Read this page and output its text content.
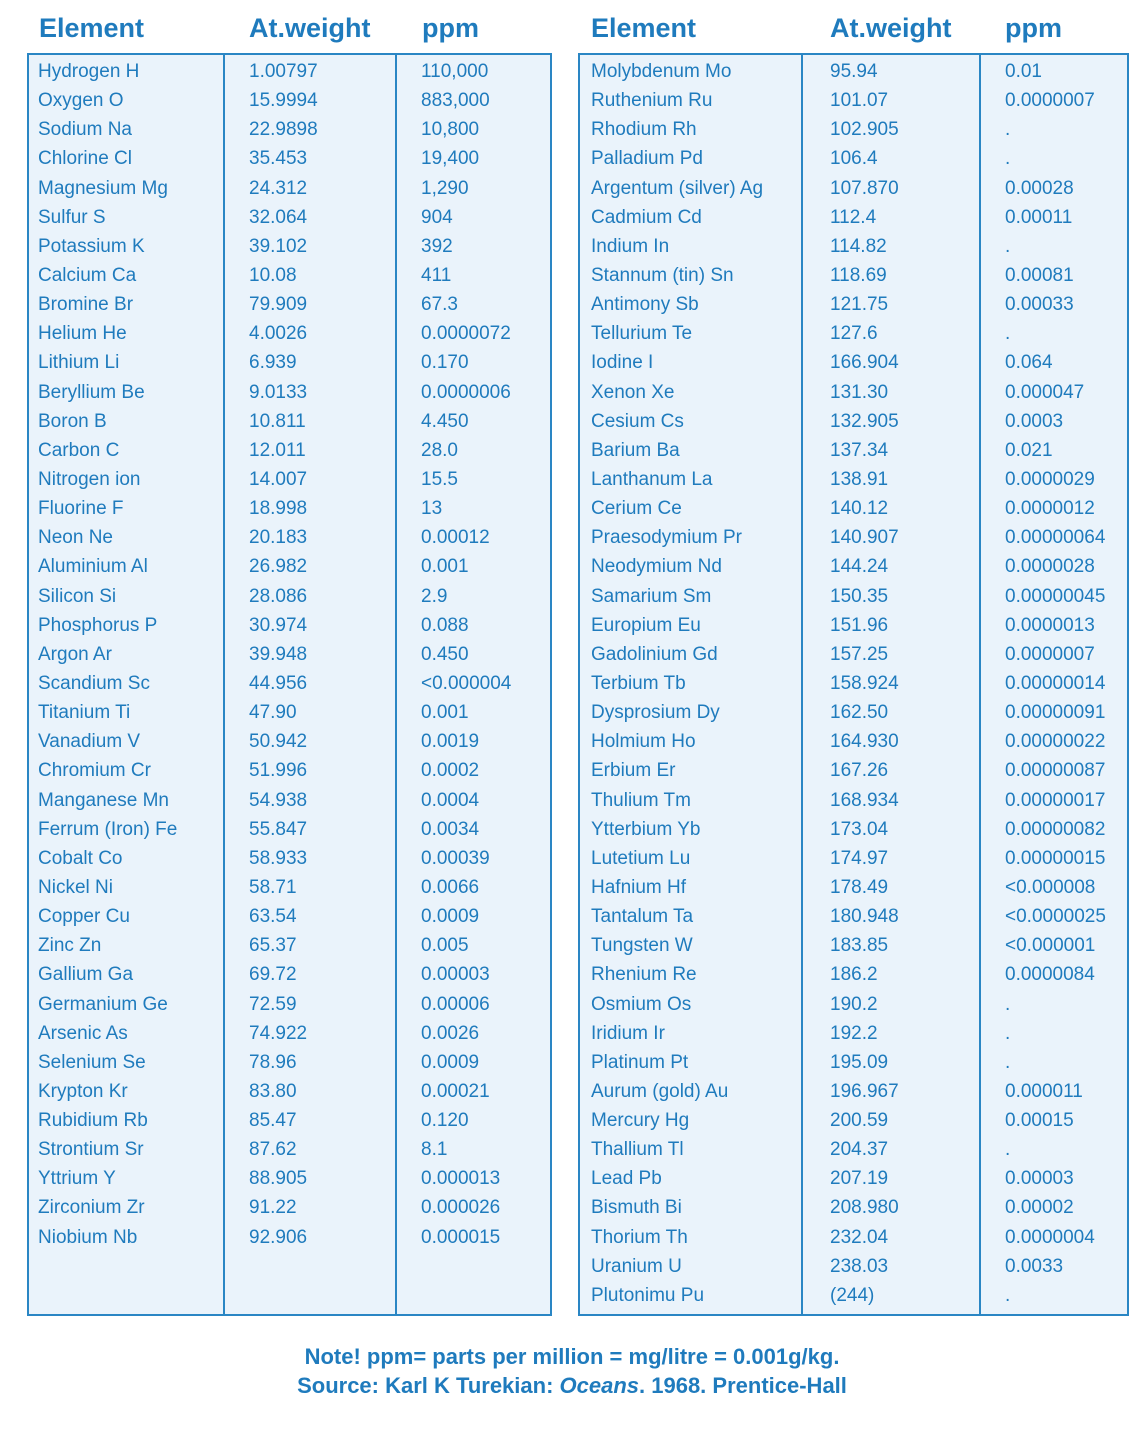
Element	At.weight ppm
Hydrogen H	1.00797	110,000
Oxygen O	15.9994	883,000
Sodium Na	22.9898	10,800
Chlorine Cl	35.453	19,400
Magnesium Mg	24.312	1,290
Sulfur S	32.064	904
Potassium K	39.102	392
Calcium Ca	10.08	411
Bromine Br	79.909	67.3
Helium He	4.0026	0.0000072
Lithium Li	6.939	0.170
Beryllium Be	9.0133	0.0000006
Boron B	10.811	4.450
Carbon C	12.011	28.0
Nitrogen ion	14.007	15.5
Fluorine F	18.998	13
Neon Ne	20.183	0.00012
Aluminium Al	26.982	0.001
Silicon Si	28.086	2.9
Phosphorus P	30.974	0.088
Argon Ar	39.948	0.450
Scandium Sc	44.956	<0.000004
Titanium Ti	47.90	0.001
Vanadium V	50.942	0.0019
Chromium Cr	51.996	0.0002
Manganese Mn	54.938	0.0004
Ferrum (Iron) Fe	55.847	0.0034
Cobalt Co	58.933	0.00039
Nickel Ni	58.71	0.0066
Copper Cu	63.54	0.0009
Zinc Zn	65.37	0.005
Gallium Ga	69.72	0.00003
Germanium Ge	72.59	0.00006
Arsenic As	74.922	0.0026
Selenium Se	78.96	0.0009
Krypton Kr	83.80	0.00021
Rubidium Rb	85.47	0.120
Strontium Sr	87.62	8.1
Yttrium Y	88.905	0.000013
Zirconium Zr	91.22	0.000026
Niobium Nb	92.906	0.000015
Element	At.weight ppm
Molybdenum Mo	95.94	0.01
Ruthenium Ru	101.07	0.0000007
Rhodium Rh	102.905	.
Palladium Pd	106.4	.
Argentum (silver) Ag	107.870	0.00028
Cadmium Cd	112.4	0.00011
Indium In	114.82	.
Stannum (tin) Sn	118.69	0.00081
Antimony Sb	121.75	0.00033
Tellurium Te	127.6	.
Iodine I	166.904	0.064
Xenon Xe	131.30	0.000047
Cesium Cs	132.905	0.0003
Barium Ba	137.34	0.021
Lanthanum La	138.91	0.0000029
Cerium Ce	140.12	0.0000012
Praesodymium Pr	140.907	0.00000064
Neodymium Nd	144.24	0.0000028
Samarium Sm	150.35	0.00000045
Europium Eu	151.96	0.0000013
Gadolinium Gd	157.25	0.0000007
Terbium Tb	158.924	0.00000014
Dysprosium Dy	162.50	0.00000091
Holmium Ho	164.930	0.00000022
Erbium Er	167.26	0.00000087
Thulium Tm	168.934	0.00000017
Ytterbium Yb	173.04	0.00000082
Lutetium Lu	174.97	0.00000015
Hafnium Hf	178.49	<0.000008
Tantalum Ta	180.948	<0.0000025
Tungsten W	183.85	<0.000001
Rhenium Re	186.2	0.0000084
Osmium Os	190.2	.
Iridium Ir	192.2	.
Platinum Pt	195.09	.
Aurum (gold) Au	196.967	0.000011
Mercury Hg	200.59	0.00015
Thallium Tl	204.37	.
Lead Pb	207.19	0.00003
Bismuth Bi	208.980	0.00002
Thorium Th	232.04	0.0000004
Uranium U	238.03	0.0033
Plutonimu Pu	(244)	.
Note! ppm= parts per million = mg/litre = 0.001g/kg.
Source: Karl K Turekian: Oceans. 1968. Prentice-Hall
